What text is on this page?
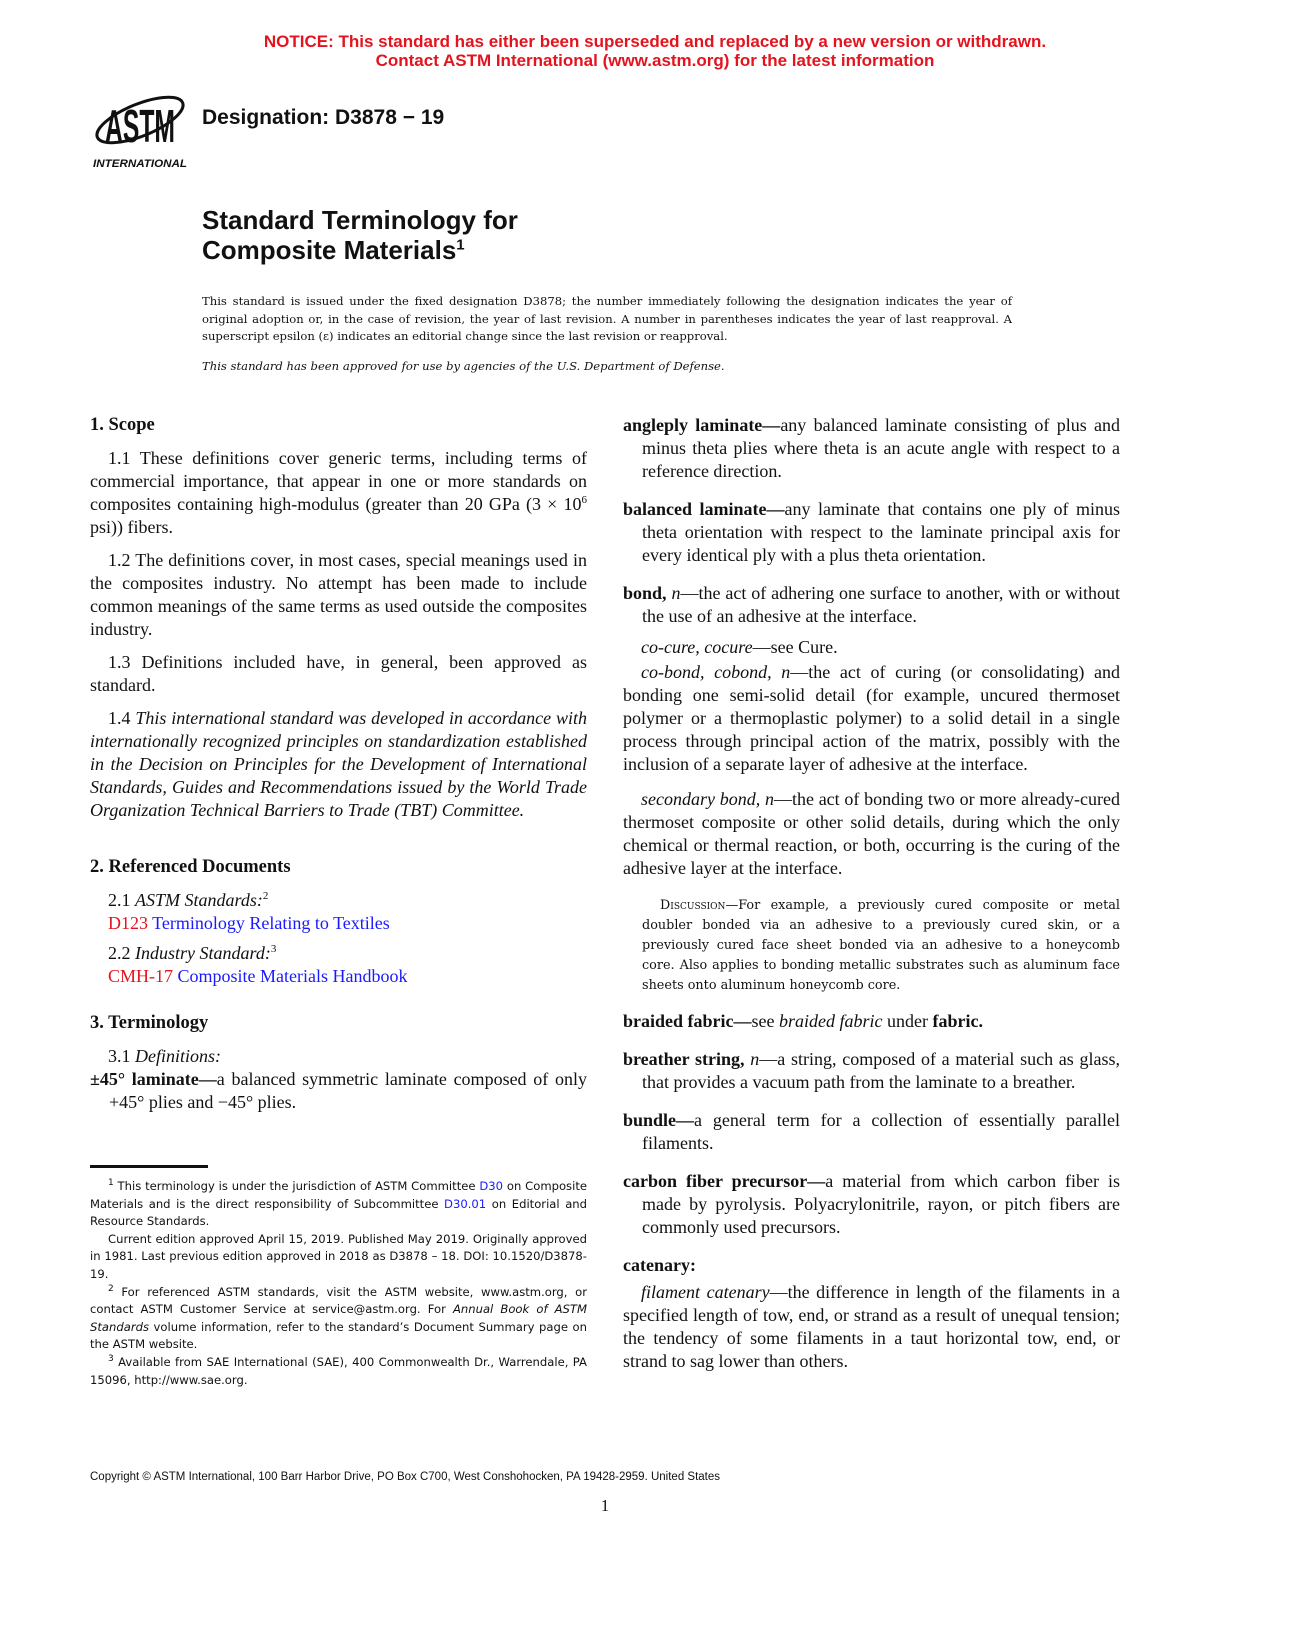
NOTICE: This standard has either been superseded and replaced by a new version or withdrawn.
Contact ASTM International (www.astm.org) for the latest information
ASTM
INTERNATIONAL
Designation: D3878 − 19
Standard Terminology for
Composite Materials$^1$
This standard is issued under the fixed designation D3878; the number immediately following the designation indicates the year of original adoption or, in the case of revision, the year of last revision. A number in parentheses indicates the year of last reapproval. A superscript epsilon (ε) indicates an editorial change since the last revision or reapproval.
This standard has been approved for use by agencies of the U.S. Department of Defense.
1. Scope

1.1 These definitions cover generic terms, including terms of commercial importance, that appear in one or more standards on composites containing high-modulus (greater than 20 GPa ($3 \times 10^6$ psi)) fibers.

1.2 The definitions cover, in most cases, special meanings used in the composites industry. No attempt has been made to include common meanings of the same terms as used outside the composites industry.

1.3 Definitions included have, in general, been approved as standard.

1.4 This international standard was developed in accordance with internationally recognized principles on standardization established in the Decision on Principles for the Development of International Standards, Guides and Recommendations issued by the World Trade Organization Technical Barriers to Trade (TBT) Committee.

2. Referenced Documents
2.1 ASTM Standards:$^2$
D123 Terminology Relating to Textiles
2.2 Industry Standard:$^3$
CMH-17 Composite Materials Handbook
3. Terminology
3.1 Definitions:
±45° laminate—a balanced symmetric laminate composed of only +45° plies and −45° plies.
angleply laminate—any balanced laminate consisting of plus and minus theta plies where theta is an acute angle with respect to a reference direction.
balanced laminate—any laminate that contains one ply of minus theta orientation with respect to the laminate principal axis for every identical ply with a plus theta orientation.
bond, n—the act of adhering one surface to another, with or without the use of an adhesive at the interface.

co-cure, cocure—see Cure.

co-bond, cobond, n—the act of curing (or consolidating) and bonding one semi-solid detail (for example, uncured thermoset polymer or a thermoplastic polymer) to a solid detail in a single process through principal action of the matrix, possibly with the inclusion of a separate layer of adhesive at the interface.

secondary bond, n—the act of bonding two or more already-cured thermoset composite or other solid details, during which the only chemical or thermal reaction, or both, occurring is the curing of the adhesive layer at the interface.

Discussion—For example, a previously cured composite or metal doubler bonded via an adhesive to a previously cured skin, or a previously cured face sheet bonded via an adhesive to a honeycomb core. Also applies to bonding metallic substrates such as aluminum face sheets onto aluminum honeycomb core.
braided fabric—see braided fabric under fabric.
breather string, n—a string, composed of a material such as glass, that provides a vacuum path from the laminate to a breather.
bundle—a general term for a collection of essentially parallel filaments.
carbon fiber precursor—a material from which carbon fiber is made by pyrolysis. Polyacrylonitrile, rayon, or pitch fibers are commonly used precursors.
catenary:

filament catenary—the difference in length of the filaments in a specified length of tow, end, or strand as a result of unequal tension; the tendency of some filaments in a taut horizontal tow, end, or strand to sag lower than others.

$^1$ This terminology is under the jurisdiction of ASTM Committee D30 on Composite Materials and is the direct responsibility of Subcommittee D30.01 on Editorial and Resource Standards.

Current edition approved April 15, 2019. Published May 2019. Originally approved in 1981. Last previous edition approved in 2018 as D3878 – 18. DOI: 10.1520/D3878-19.

$^2$ For referenced ASTM standards, visit the ASTM website, www.astm.org, or contact ASTM Customer Service at service@astm.org. For Annual Book of ASTM Standards volume information, refer to the standard’s Document Summary page on the ASTM website.

$^3$ Available from SAE International (SAE), 400 Commonwealth Dr., Warrendale, PA 15096, http://www.sae.org.

Copyright © ASTM International, 100 Barr Harbor Drive, PO Box C700, West Conshohocken, PA 19428-2959. United States
1
